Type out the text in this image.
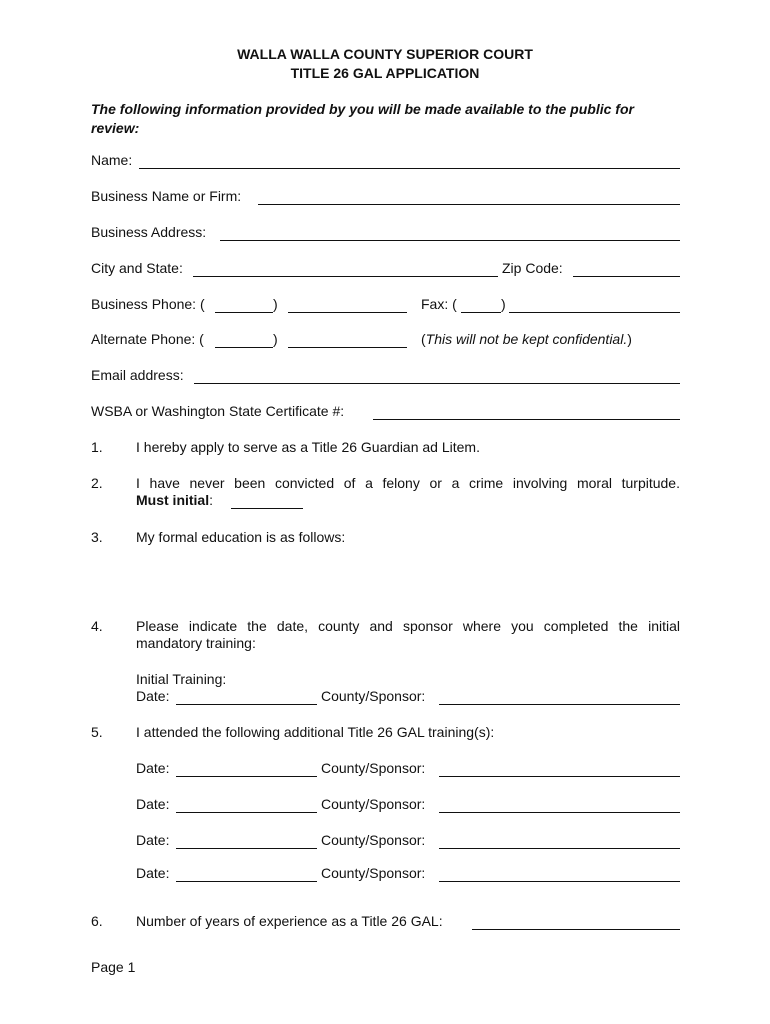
WALLA WALLA COUNTY SUPERIOR COURT
TITLE 26 GAL APPLICATION
The following information provided by you will be made available to the public for review:
Name:
Business Name or Firm:
Business Address:
City and State:	Zip Code:
Business Phone: (	)	Fax: (	)
Alternate Phone: (	)	(This will not be kept confidential.)
Email address:
WSBA or Washington State Certificate #:
1. I hereby apply to serve as a Title 26 Guardian ad Litem.
2. I have never been convicted of a felony or a crime involving moral turpitude.
Must initial:
3. My formal education is as follows:
4. Please indicate the date, county and sponsor where you completed the initial
mandatory training:
Initial Training:
Date:	County/Sponsor:
5. I attended the following additional Title 26 GAL training(s):
Date:	County/Sponsor:
Date:	County/Sponsor:
Date:	County/Sponsor:
Date:	County/Sponsor:
6. Number of years of experience as a Title 26 GAL:
Page 1
